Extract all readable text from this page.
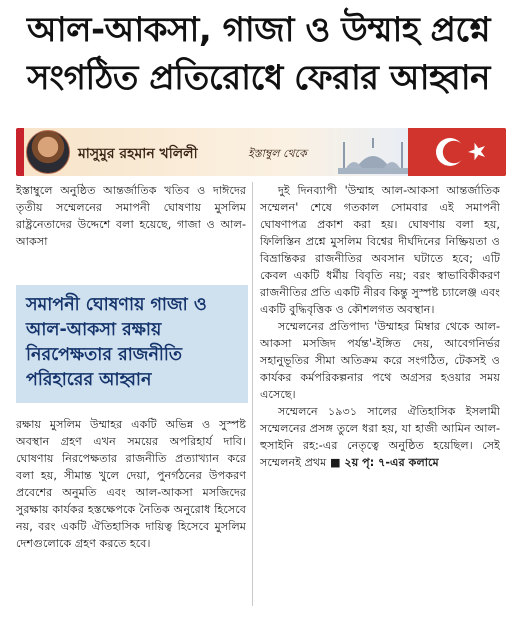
আল-আকসা, গাজা ও উম্মাহ প্রশ্নে
সংগঠিত প্রতিরোধে ফেরার আহ্বান
মাসুমুর রহমান খলিলী	ইস্তাম্বুল থেকে

ইস্তাম্বুলে অনুষ্ঠিত আন্তর্জাতিক খতিব ও দাঈদের তৃতীয় সম্মেলনের সমাপনী ঘোষণায় মুসলিম রাষ্ট্রনেতাদের উদ্দেশে বলা হয়েছে, গাজা ও আল-আকসা

সমাপনী ঘোষণায় গাজা ও আল-আকসা রক্ষায় নিরপেক্ষতার রাজনীতি পরিহারের আহ্বান

রক্ষায় মুসলিম উম্মাহর একটি অভিন্ন ও সুস্পষ্ট অবস্থান গ্রহণ এখন সময়ের অপরিহার্য দাবি। ঘোষণায় নিরপেক্ষতার রাজনীতি প্রত্যাখ্যান করে বলা হয়, সীমান্ত খুলে দেয়া, পুনর্গঠনের উপকরণ প্রবেশের অনুমতি এবং আল-আকসা মসজিদের সুরক্ষায় কার্যকর হস্তক্ষেপকে নৈতিক অনুরোধ হিসেবে নয়, বরং একটি ঐতিহাসিক দায়িত্ব হিসেবে মুসলিম দেশগুলোকে গ্রহণ করতে হবে।

দুই দিনব্যাপী 'উম্মাহ আল-আকসা আন্তর্জাতিক সম্মেলন' শেষে গতকাল সোমবার এই সমাপনী ঘোষণাপত্র প্রকাশ করা হয়। ঘোষণায় বলা হয়, ফিলিস্তিন প্রশ্নে মুসলিম বিশ্বের দীর্ঘদিনের নিষ্ক্রিয়তা ও বিভ্রান্তিকর রাজনীতির অবসান ঘটাতে হবে; এটি কেবল একটি ধর্মীয় বিবৃতি নয়; বরং স্বাভাবিকীকরণ রাজনীতির প্রতি একটি নীরব কিন্তু সুস্পষ্ট চ্যালেঞ্জ এবং একটি বুদ্ধিবৃত্তিক ও কৌশলগত অবস্থান।

সম্মেলনের প্রতিপাদ্য 'উম্মাহর মিম্বার থেকে আল-আকসা মসজিদ পর্যন্ত'-ইঙ্গিত দেয়, আবেগনির্ভর সহানুভূতির সীমা অতিক্রম করে সংগঠিত, টেকসই ও কার্যকর কর্মপরিকল্পনার পথে অগ্রসর হওয়ার সময় এসেছে।

সম্মেলনে ১৯৩১ সালের ঐতিহাসিক ইসলামী সম্মেলনের প্রসঙ্গ তুলে ধরা হয়, যা হাজী আমিন আল-হুসাইনি রহ:-এর নেতৃত্বে অনুষ্ঠিত হয়েছিল। সেই সম্মেলনই প্রথম ■ ২য় পৃ: ৭-এর কলামে
